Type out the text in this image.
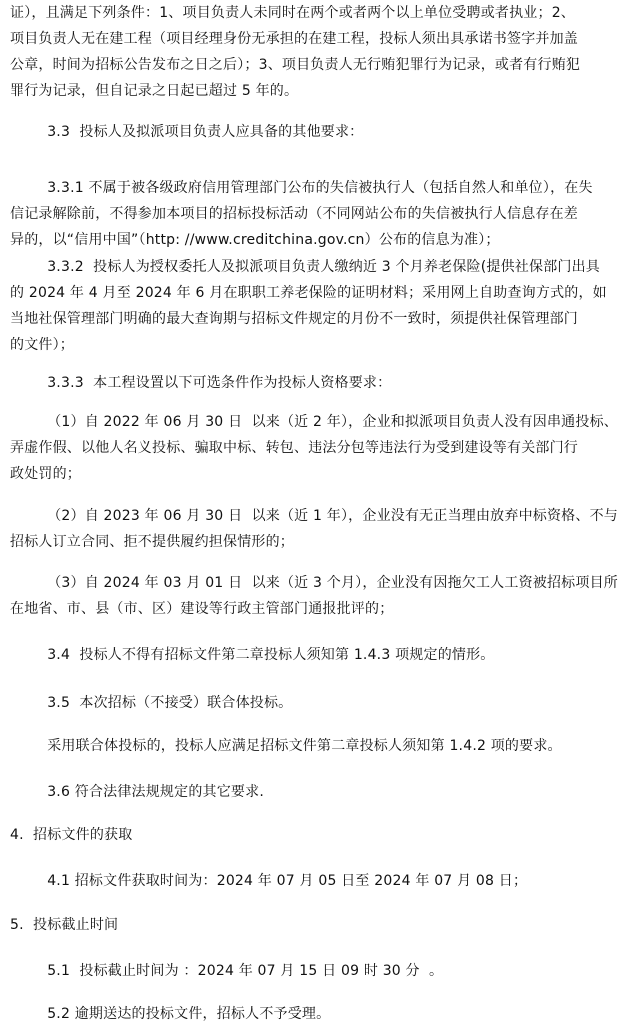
证），且满足下列条件：1、项目负责人未同时在两个或者两个以上单位受聘或者执业；2、
项目负责人无在建工程（项目经理身份无承担的在建工程，投标人须出具承诺书签字并加盖
公章，时间为招标公告发布之日之后）；3、项目负责人无行贿犯罪行为记录，或者有行贿犯
罪行为记录，但自记录之日起已超过 5 年的。

3.3  投标人及拟派项目负责人应具备的其他要求：

3.3.1 不属于被各级政府信用管理部门公布的失信被执行人（包括自然人和单位），在失
信记录解除前，不得参加本项目的招标投标活动（不同网站公布的失信被执行人信息存在差
异的，以“信用中国”（http: //www.creditchina.gov.cn）公布的信息为准）；

3.3.2  投标人为授权委托人及拟派项目负责人缴纳近 3 个月养老保险(提供社保部门出具
的 2024 年 4 月至 2024 年 6 月在职职工养老保险的证明材料；采用网上自助查询方式的，如
当地社保管理部门明确的最大查询期与招标文件规定的月份不一致时，须提供社保管理部门
的文件）；

3.3.3  本工程设置以下可选条件作为投标人资格要求：

（1）自 2022 年 06 月 30 日  以来（近 2 年），企业和拟派项目负责人没有因串通投标、
弄虚作假、以他人名义投标、骗取中标、转包、违法分包等违法行为受到建设等有关部门行
政处罚的；

（2）自 2023 年 06 月 30 日  以来（近 1 年），企业没有无正当理由放弃中标资格、不与
招标人订立合同、拒不提供履约担保情形的；

（3）自 2024 年 03 月 01 日  以来（近 3 个月），企业没有因拖欠工人工资被招标项目所
在地省、市、县（市、区）建设等行政主管部门通报批评的；

3.4  投标人不得有招标文件第二章投标人须知第 1.4.3 项规定的情形。

3.5  本次招标（不接受）联合体投标。

采用联合体投标的，投标人应满足招标文件第二章投标人须知第 1.4.2 项的要求。

3.6 符合法律法规规定的其它要求.

4.  招标文件的获取

4.1 招标文件获取时间为：2024 年 07 月 05 日至 2024 年 07 月 08 日；

5.  投标截止时间

5.1  投标截止时间为 ：2024 年 07 月 15 日 09 时 30 分  。

5.2 逾期送达的投标文件，招标人不予受理。
